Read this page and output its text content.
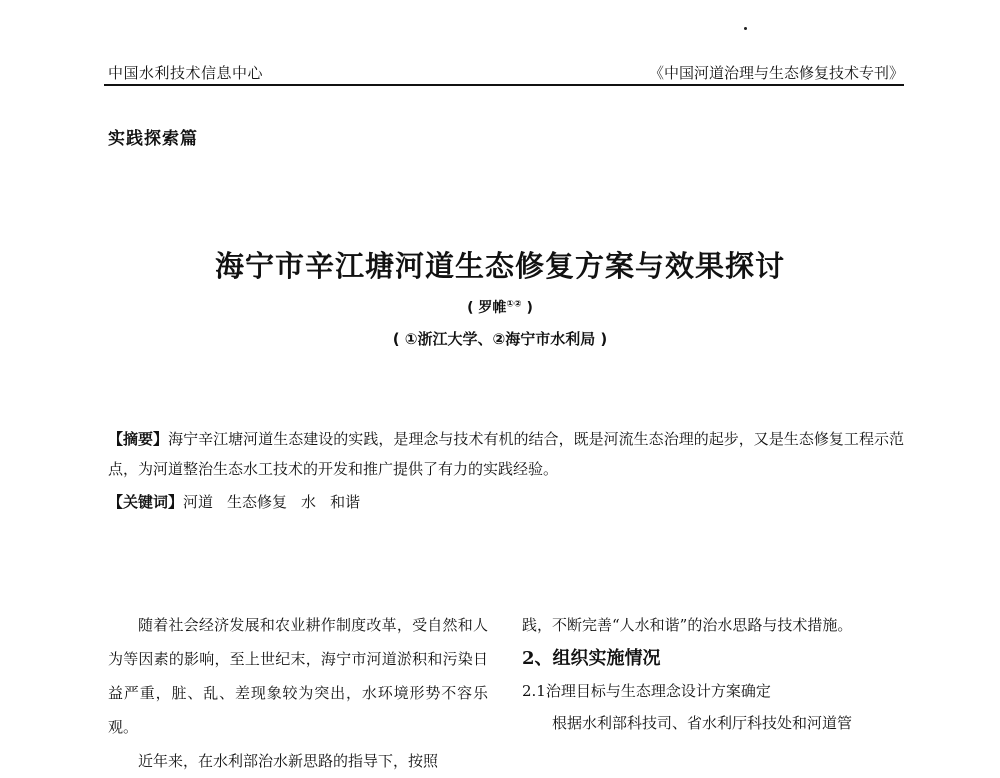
中国水利技术信息中心	《中国河道治理与生态修复技术专刊》
实践探索篇
海宁市辛江塘河道生态修复方案与效果探讨
( 罗帷①② )
( ①浙江大学、②海宁市水利局 )
【摘要】海宁辛江塘河道生态建设的实践，是理念与技术有机的结合，既是河流生态治理的起步，又是生态修复工程示范点，为河道整治生态水工技术的开发和推广提供了有力的实践经验。
【关键词】河道 生态修复 水 和谐

随着社会经济发展和农业耕作制度改革，受自然和人为等因素的影响，至上世纪末，海宁市河道淤积和污染日益严重，脏、乱、差现象较为突出，水环境形势不容乐观。

近年来，在水利部治水新思路的指导下，按照

践，不断完善“人水和谐”的治水思路与技术措施。

2、组织实施情况

2.1治理目标与生态理念设计方案确定

根据水利部科技司、省水利厅科技处和河道管
